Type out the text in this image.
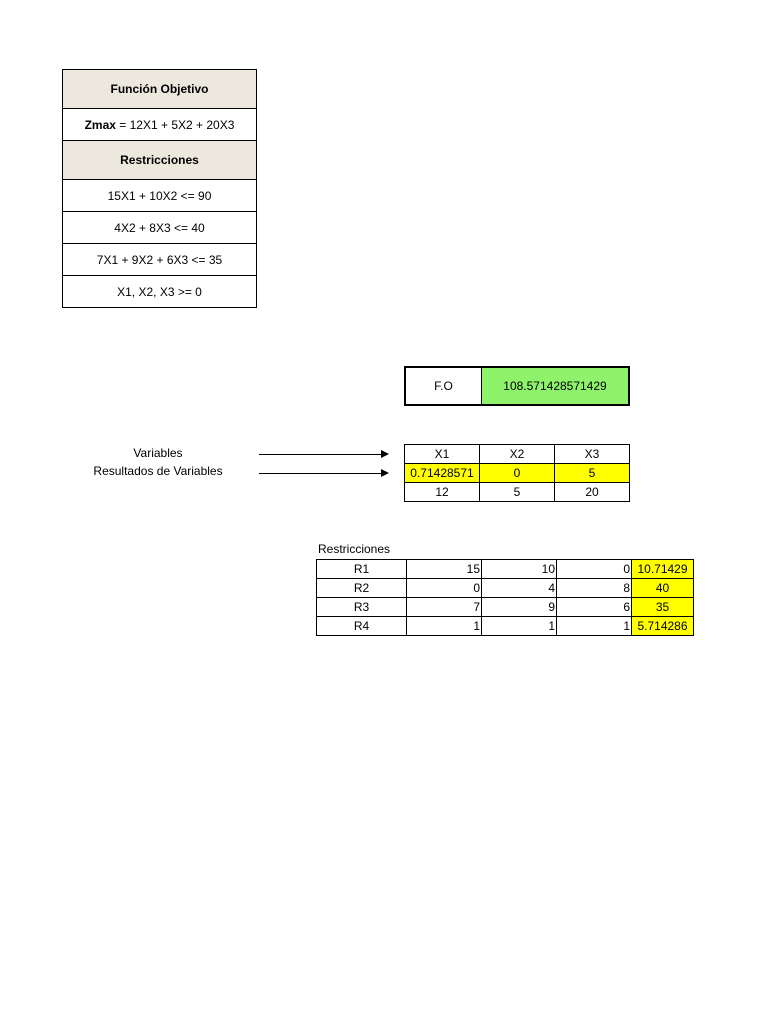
Función Objetivo
Zmax = 12X1 + 5X2 + 20X3
Restricciones
15X1 + 10X2 <= 90
4X2 + 8X3 <= 40
7X1 + 9X2 + 6X3 <= 35
X1, X2, X3 >= 0
F.O	108.571428571429
Variables
Resultados de Variables
X1	X2	X3
0.71428571	0	5
12	5	20
Restricciones
R1	15	10	0	10.71429
R2	0	4	8	40
R3	7	9	6	35
R4	1	1	1	5.714286
